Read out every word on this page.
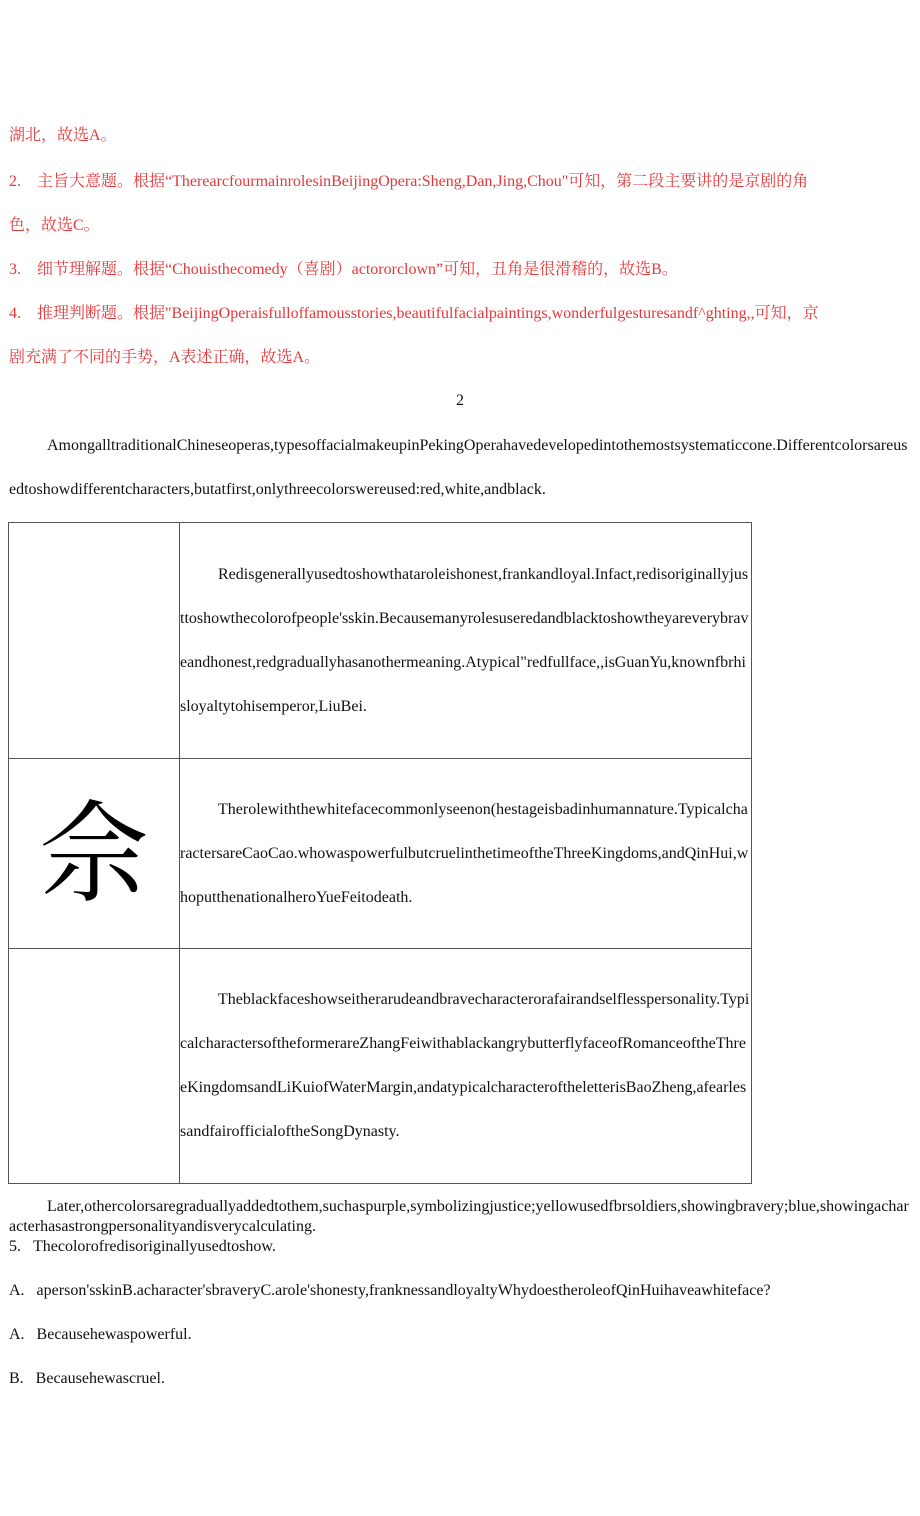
湖北，故选A。
2. 主旨大意题。根据“TherearcfourmainrolesinBeijingOpera:Sheng,Dan,Jing,Chou"可知，第二段主要讲的是京剧的角
色，故选C。
3. 细节理解题。根据“Chouisthecomedy（喜剧）actororclown”可知，丑角是很滑稽的，故选B。
4. 推理判断题。根据"BeijingOperaisfulloffamousstories,beautifulfacialpaintings,wonderfulgesturesandf^ghting,,可知，京
剧充满了不同的手势，A表述正确，故选A。
2
AmongalltraditionalChineseoperas,typesoffacialmakeupinPekingOperahavedevelopedintothemostsystematiccone.Differentcolorsareusedtoshowdifferentcharacters,butatfirst,onlythreecolorswereused:red,white,andblack.
	Redisgenerallyusedtoshowthataroleishonest,frankandloyal.Infact,redisoriginallyjusttoshowthecolorofpeople'sskin.Becausemanyrolesuseredandblacktoshowtheyareverybraveandhonest,redgraduallyhasanothermeaning.Atypical"redfullface,,isGuanYu,knownfbrhisloyaltytohisemperor,LiuBei.
佘	Therolewiththewhitefacecommonlyseenon(hestageisbadinhumannature.TypicalcharactersareCaoCao.whowaspowerfulbutcruelinthetimeoftheThreeKingdoms,andQinHui,whoputthenationalheroYueFeitodeath.
	Theblackfaceshowseitherarudeandbravecharacterorafairandselflesspersonality.TypicalcharactersoftheformerareZhangFeiwithablackangrybutterflyfaceofRomanceoftheThreeKingdomsandLiKuiofWaterMargin,andatypicalcharacteroftheletterisBaoZheng,afearlessandfairofficialoftheSongDynasty.
Later,othercolorsaregraduallyaddedtothem,suchaspurple,symbolizingjustice;yellowusedfbrsoldiers,showingbravery;blue,showingacharacterhasastrongpersonalityandisverycalculating.
5.   Thecolorofredisoriginallyusedtoshow.
A.   aperson'sskinB.acharacter'sbraveryC.arole'shonesty,franknessandloyaltyWhydoestheroleofQinHuihaveawhiteface?
A.   Becausehewaspowerful.
B.   Becausehewascruel.
